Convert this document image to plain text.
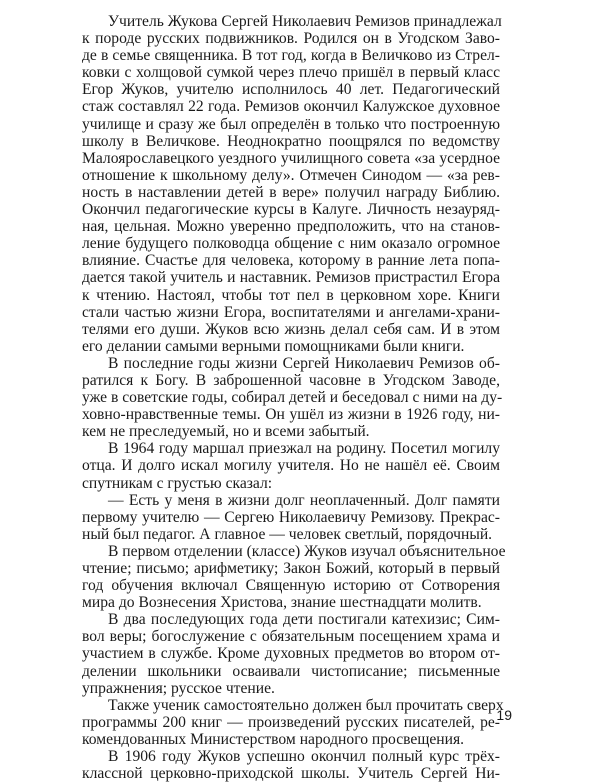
Учитель Жукова Сергей Николаевич Ремизов принадлежал
к породе русских подвижников. Родился он в Угодском Заво-
де в семье священника. В тот год, когда в Величково из Стрел-
ковки с холщовой сумкой через плечо пришёл в первый класс
Егор Жуков, учителю исполнилось 40 лет. Педагогический
стаж составлял 22 года. Ремизов окончил Калужское духовное
училище и сразу же был определён в только что построенную
школу в Величкове. Неоднократно поощрялся по ведомству
Малоярославецкого уездного училищного совета «за усердное
отношение к школьному делу». Отмечен Синодом — «за рев-
ность в наставлении детей в вере» получил награду Библию.
Окончил педагогические курсы в Калуге. Личность незауряд-
ная, цельная. Можно уверенно предположить, что на станов-
ление будущего полководца общение с ним оказало огромное
влияние. Счастье для человека, которому в ранние лета попа-
дается такой учитель и наставник. Ремизов пристрастил Егора
к чтению. Настоял, чтобы тот пел в церковном хоре. Книги
стали частью жизни Егора, воспитателями и ангелами-храни-
телями его души. Жуков всю жизнь делал себя сам. И в этом
его делании самыми верными помощниками были книги.
В последние годы жизни Сергей Николаевич Ремизов об-
ратился к Богу. В заброшенной часовне в Угодском Заводе,
уже в советские годы, собирал детей и беседовал с ними на ду-
ховно-нравственные темы. Он ушёл из жизни в 1926 году, ни-
кем не преследуемый, но и всеми забытый.
В 1964 году маршал приезжал на родину. Посетил могилу
отца. И долго искал могилу учителя. Но не нашёл её. Своим
спутникам с грустью сказал:
— Есть у меня в жизни долг неоплаченный. Долг памяти
первому учителю — Сергею Николаевичу Ремизову. Прекрас-
ный был педагог. А главное — человек светлый, порядочный.
В первом отделении (классе) Жуков изучал объяснительное
чтение; письмо; арифметику; Закон Божий, который в первый
год обучения включал Священную историю от Сотворения
мира до Вознесения Христова, знание шестнадцати молитв.
В два последующих года дети постигали катехизис; Сим-
вол веры; богослужение с обязательным посещением храма и
участием в службе. Кроме духовных предметов во втором от-
делении школьники осваивали чистописание; письменные
упражнения; русское чтение.
Также ученик самостоятельно должен был прочитать сверх
программы 200 книг — произведений русских писателей, ре-
комендованных Министерством народного просвещения.
В 1906 году Жуков успешно окончил полный курс трёх-
классной церковно-приходской школы. Учитель Сергей Ни-
19
